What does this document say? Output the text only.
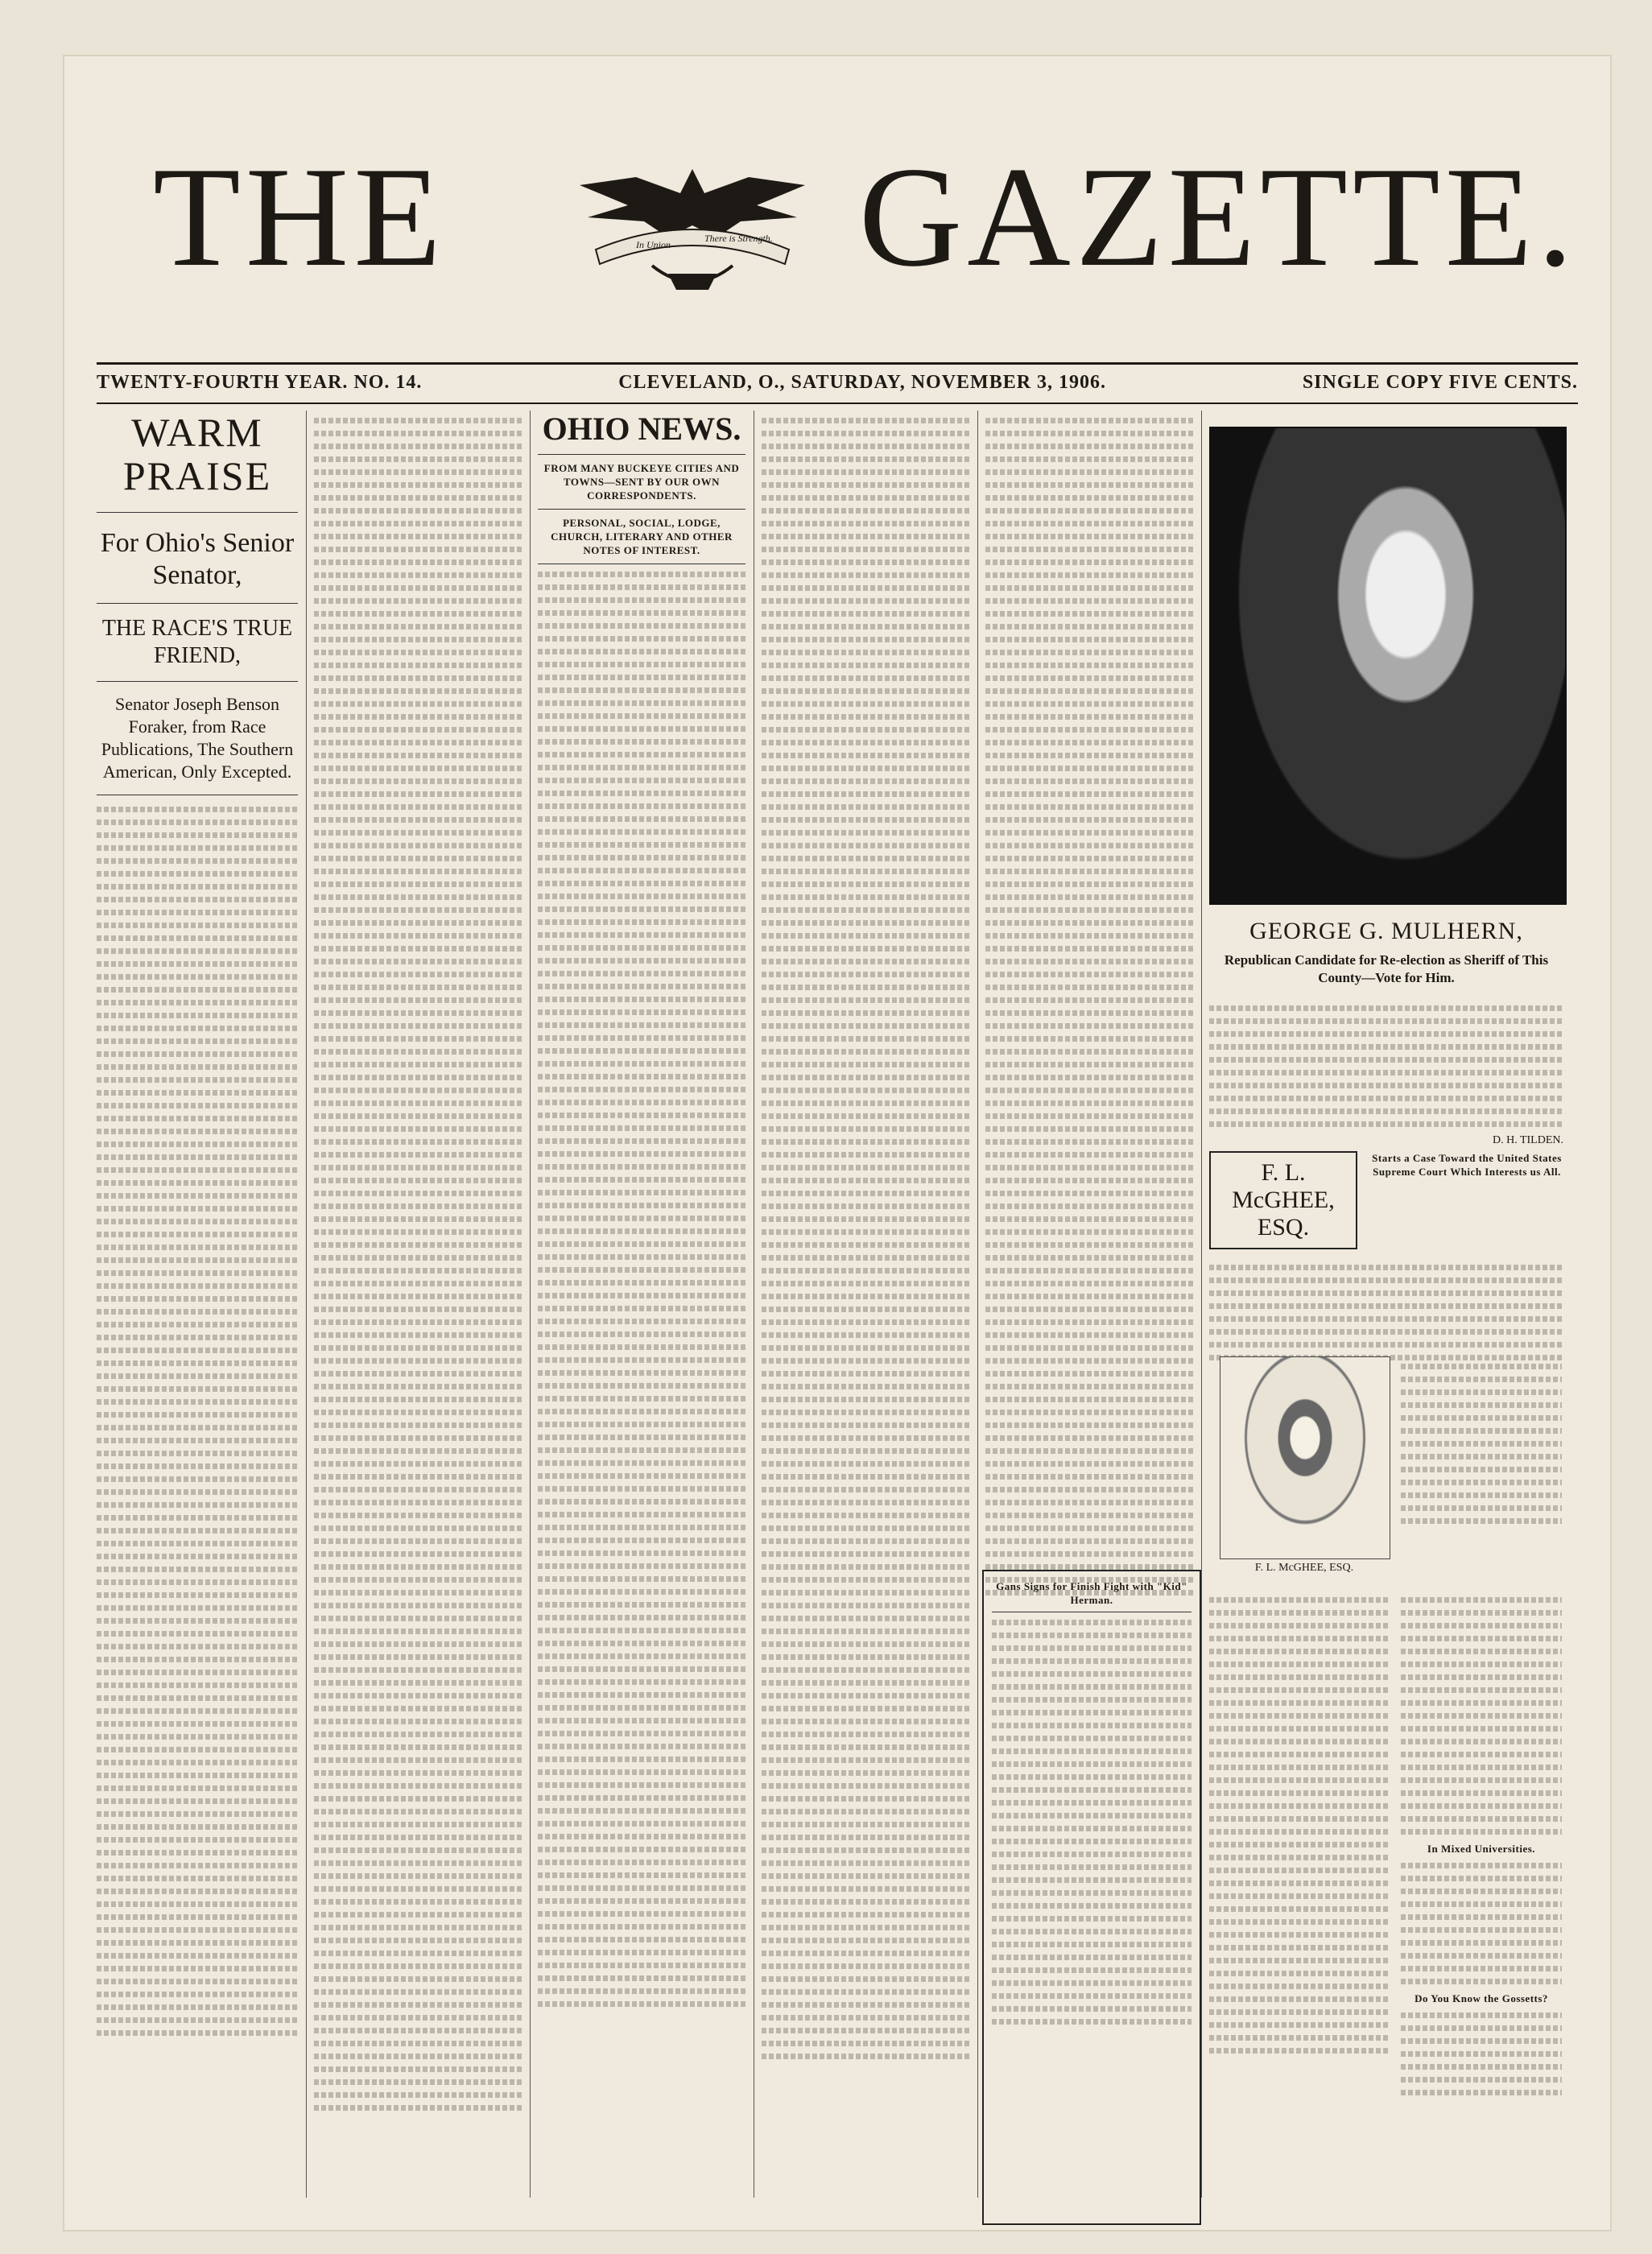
THE	GAZETTE.
In Union
There is Strength.
TWENTY-FOURTH YEAR. NO. 14.	CLEVELAND, O., SATURDAY, NOVEMBER 3, 1906.	SINGLE COPY FIVE CENTS.
WARM PRAISE
For Ohio's Senior Senator,
THE RACE'S TRUE FRIEND,
Senator Joseph Benson Foraker, from Race Publications, The Southern American, Only Excepted.
OHIO NEWS.
FROM MANY BUCKEYE CITIES AND TOWNS—SENT BY OUR OWN CORRESPONDENTS.
PERSONAL, SOCIAL, LODGE, CHURCH, LITERARY AND OTHER NOTES OF INTEREST.
GEORGE G. MULHERN,
Republican Candidate for Re-election as Sheriff of This County—Vote for Him.
D. H. TILDEN.
Gans Signs for Finish Fight with "Kid" Herman.
F. L. McGHEE, ESQ.
Starts a Case Toward the United States Supreme Court Which Interests us All.
F. L. McGHEE, ESQ.
In Mixed Universities.
Do You Know the Gossetts?
